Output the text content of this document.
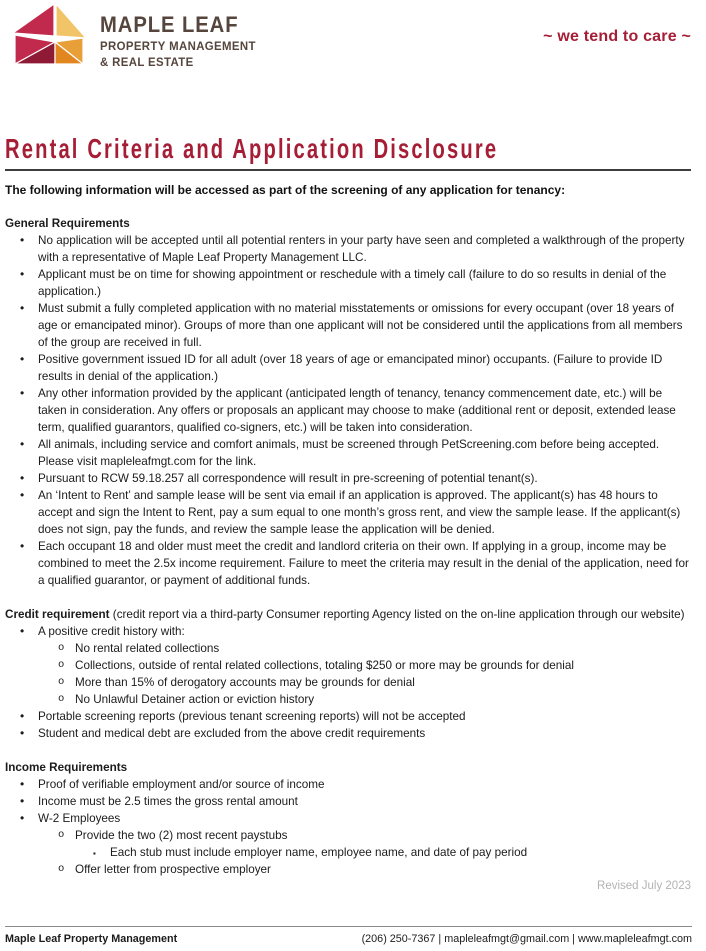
MAPLE LEAF
PROPERTY MANAGEMENT
& REAL ESTATE
~ we tend to care ~
Rental Criteria and Application Disclosure

The following information will be accessed as part of the screening of any application for tenancy:

General Requirements

• No application will be accepted until all potential renters in your party have seen and completed a walkthrough of the property with a representative of Maple Leaf Property Management LLC.
• Applicant must be on time for showing appointment or reschedule with a timely call (failure to do so results in denial of the application.)
• Must submit a fully completed application with no material misstatements or omissions for every occupant (over 18 years of age or emancipated minor). Groups of more than one applicant will not be considered until the applications from all members of the group are received in full.
• Positive government issued ID for all adult (over 18 years of age or emancipated minor) occupants. (Failure to provide ID results in denial of the application.)
• Any other information provided by the applicant (anticipated length of tenancy, tenancy commencement date, etc.) will be taken in consideration. Any offers or proposals an applicant may choose to make (additional rent or deposit, extended lease term, qualified guarantors, qualified co-signers, etc.) will be taken into consideration.
• All animals, including service and comfort animals, must be screened through PetScreening.com before being accepted. Please visit mapleleafmgt.com for the link.
• Pursuant to RCW 59.18.257 all correspondence will result in pre-screening of potential tenant(s).
• An ‘Intent to Rent’ and sample lease will be sent via email if an application is approved. The applicant(s) has 48 hours to accept and sign the Intent to Rent, pay a sum equal to one month’s gross rent, and view the sample lease. If the applicant(s) does not sign, pay the funds, and review the sample lease the application will be denied.
• Each occupant 18 and older must meet the credit and landlord criteria on their own. If applying in a group, income may be combined to meet the 2.5x income requirement. Failure to meet the criteria may result in the denial of the application, need for a qualified guarantor, or payment of additional funds.

Credit requirement (credit report via a third-party Consumer reporting Agency listed on the on-line application through our website)

• A positive credit history with:
o No rental related collections
o Collections, outside of rental related collections, totaling $250 or more may be grounds for denial
o More than 15% of derogatory accounts may be grounds for denial
o No Unlawful Detainer action or eviction history
• Portable screening reports (previous tenant screening reports) will not be accepted
• Student and medical debt are excluded from the above credit requirements

Income Requirements

• Proof of verifiable employment and/or source of income
• Income must be 2.5 times the gross rental amount
• W-2 Employees
o Provide the two (2) most recent paystubs
▪ Each stub must include employer name, employee name, and date of pay period
o Offer letter from prospective employer
Revised July 2023
Maple Leaf Property Management	(206) 250-7367 | mapleleafmgt@gmail.com | www.mapleleafmgt.com
